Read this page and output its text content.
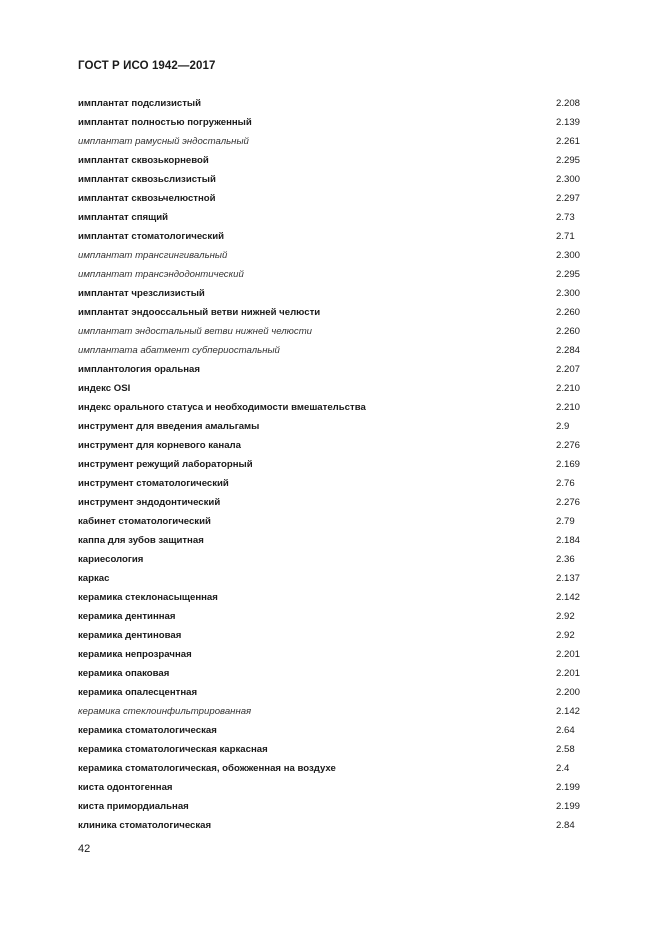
ГОСТ Р ИСО 1942—2017
имплантат подслизистый	2.208
имплантат полностью погруженный	2.139
имплантат рамусный эндостальный	2.261
имплантат сквозькорневой	2.295
имплантат сквозьслизистый	2.300
имплантат сквозьчелюстной	2.297
имплантат спящий	2.73
имплантат стоматологический	2.71
имплантат трансгингивальный	2.300
имплантат трансэндодонтический	2.295
имплантат чрезслизистый	2.300
имплантат эндооссальный ветви нижней челюсти	2.260
имплантат эндостальный ветви нижней челюсти	2.260
имплантата абатмент субпериостальный	2.284
имплантология оральная	2.207
индекс OSI	2.210
индекс орального статуса и необходимости вмешательства	2.210
инструмент для введения амальгамы	2.9
инструмент для корневого канала	2.276
инструмент режущий лабораторный	2.169
инструмент стоматологический	2.76
инструмент эндодонтический	2.276
кабинет стоматологический	2.79
каппа для зубов защитная	2.184
кариесология	2.36
каркас	2.137
керамика стеклонасыщенная	2.142
керамика дентинная	2.92
керамика дентиновая	2.92
керамика непрозрачная	2.201
керамика опаковая	2.201
керамика опалесцентная	2.200
керамика стеклоинфильтрированная	2.142
керамика стоматологическая	2.64
керамика стоматологическая каркасная	2.58
керамика стоматологическая, обожженная на воздухе	2.4
киста одонтогенная	2.199
киста примордиальная	2.199
клиника стоматологическая	2.84
42
